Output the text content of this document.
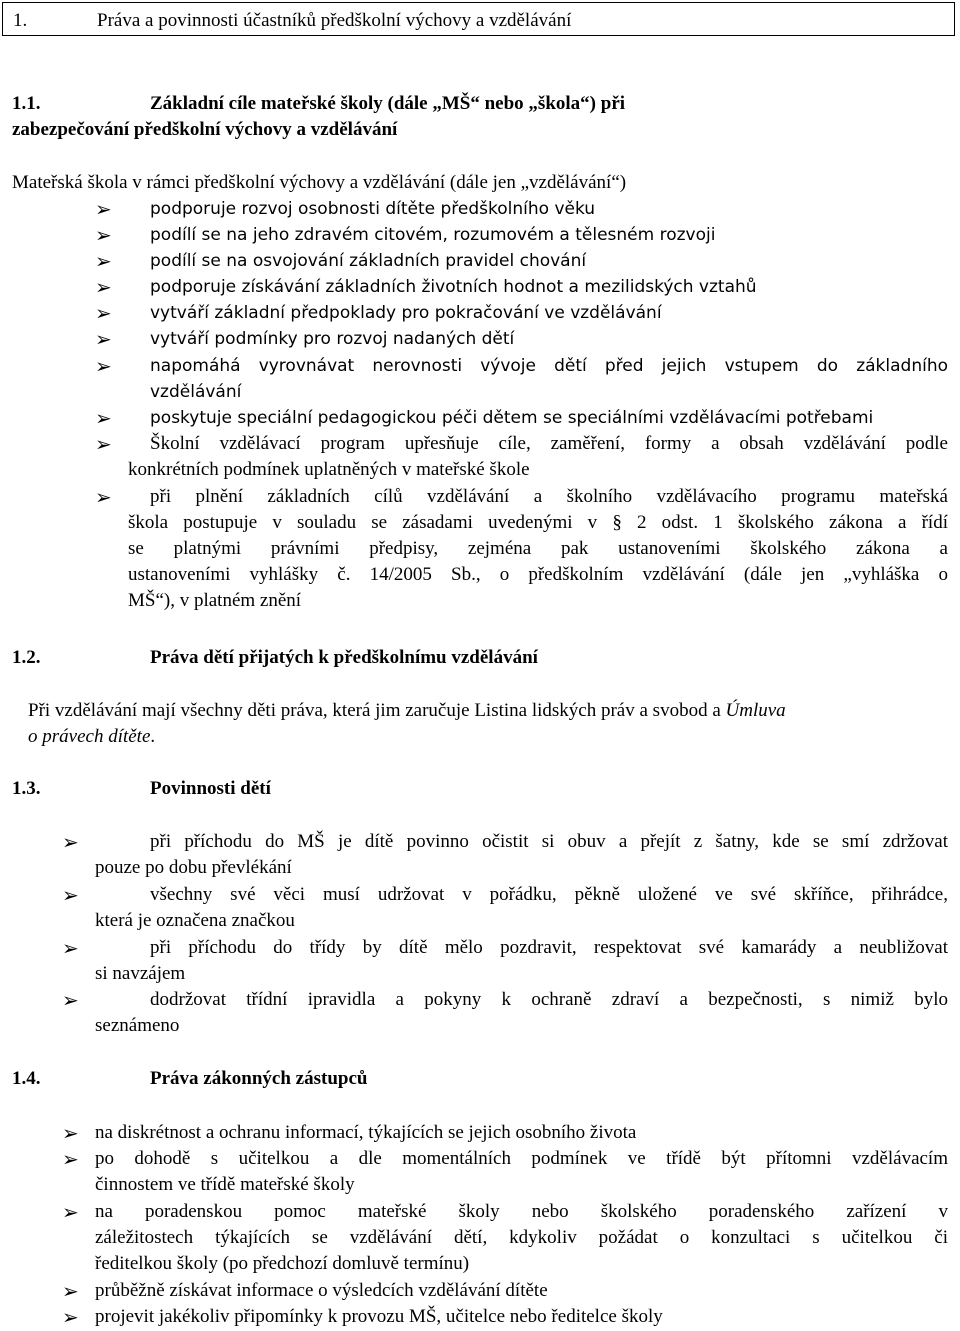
1.	Práva a povinnosti účastníků předškolní výchovy a vzdělávání
1.1.	Základní cíle mateřské školy (dále „MŠ“ nebo „škola“) při
zabezpečování předškolní výchovy a vzdělávání
Mateřská škola v rámci předškolní výchovy a vzdělávání (dále jen „vzdělávání“)
➢ podporuje rozvoj osobnosti dítěte předškolního věku
➢ podílí se na jeho zdravém citovém, rozumovém a tělesném rozvoji
➢ podílí se na osvojování základních pravidel chování
➢ podporuje získávání základních životních hodnot a mezilidských vztahů
➢ vytváří základní předpoklady pro pokračování ve vzdělávání
➢ vytváří podmínky pro rozvoj nadaných dětí
➢ napomáhá vyrovnávat nerovnosti vývoje dětí před jejich vstupem do základního
vzdělávání
➢ poskytuje speciální pedagogickou péči dětem se speciálními vzdělávacími potřebami
➢	Školní vzdělávací program upřesňuje cíle, zaměření, formy a obsah vzdělávání podle
konkrétních podmínek uplatněných v mateřské škole
➢	při plnění základních cílů vzdělávání a školního vzdělávacího programu mateřská
škola postupuje v souladu se zásadami uvedenými v § 2 odst. 1 školského zákona a řídí
se platnými právními předpisy, zejména pak ustanoveními školského zákona a
ustanoveními vyhlášky č. 14/2005 Sb., o předškolním vzdělávání (dále jen „vyhláška o
MŠ“), v platném znění
1.2.	Práva dětí přijatých k předškolnímu vzdělávání
Při vzdělávání mají všechny děti práva, která jim zaručuje Listina lidských práv a svobod a Úmluva
o právech dítěte.
1.3.	Povinnosti dětí
➢	při příchodu do MŠ je dítě povinno očistit si obuv a přejít z šatny, kde se smí zdržovat
pouze po dobu převlékání
➢	všechny své věci musí udržovat v pořádku, pěkně uložené ve své skříňce, přihrádce,
která je označena značkou
➢	při příchodu do třídy by dítě mělo pozdravit, respektovat své kamarády a neubližovat
si navzájem
➢	dodržovat třídní ipravidla a pokyny k ochraně zdraví a bezpečnosti, s nimiž bylo
seznámeno
1.4.	Práva zákonných zástupců
➢ na diskrétnost a ochranu informací, týkajících se jejich osobního života
➢ po dohodě s učitelkou a dle momentálních podmínek ve třídě být přítomni vzdělávacím
činnostem ve třídě mateřské školy
➢ na poradenskou pomoc mateřské školy nebo školského poradenského zařízení v
záležitostech týkajících se vzdělávání dětí, kdykoliv požádat o konzultaci s učitelkou či
ředitelkou školy (po předchozí domluvě termínu)
➢ průběžně získávat informace o výsledcích vzdělávání dítěte
➢ projevit jakékoliv připomínky k provozu MŠ, učitelce nebo ředitelce školy
